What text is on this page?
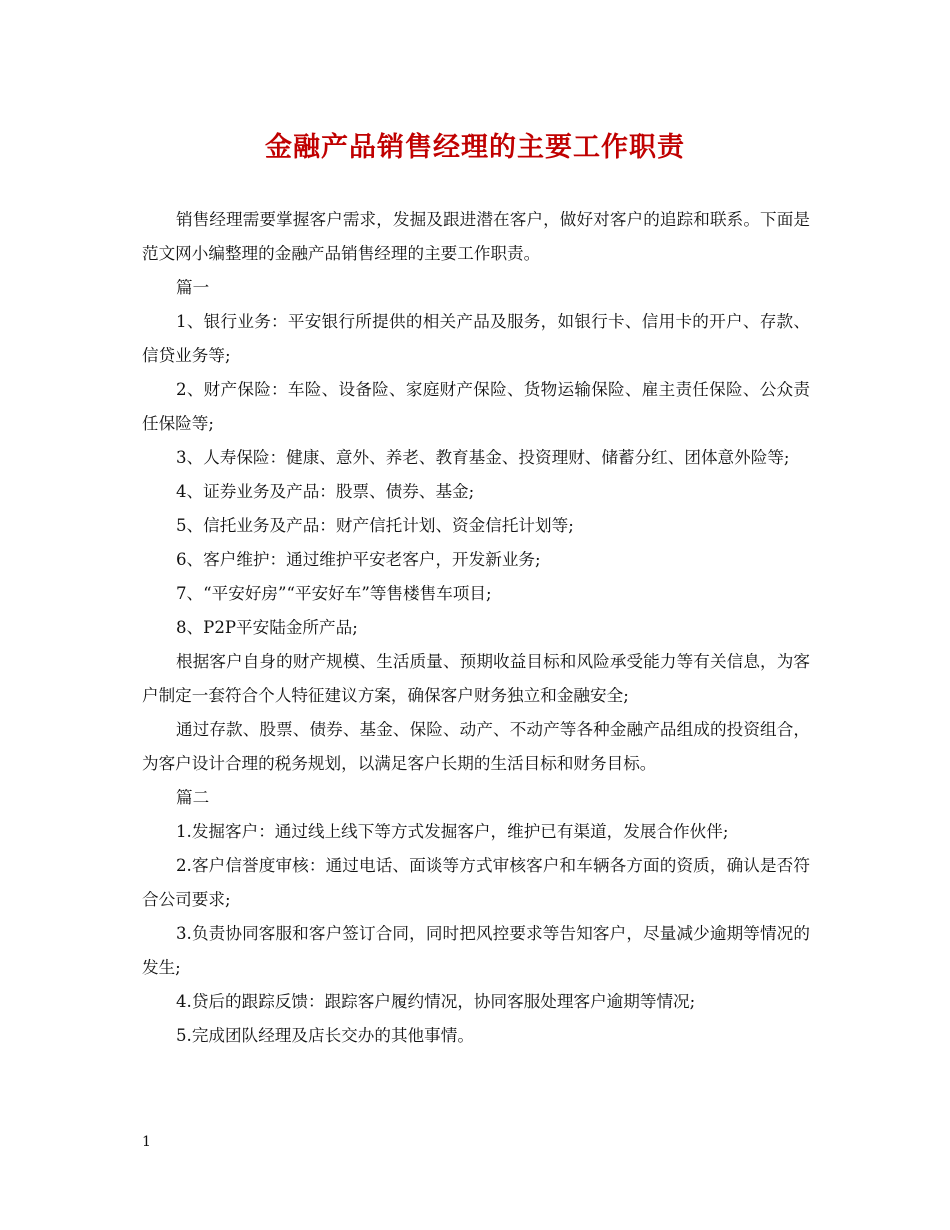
金融产品销售经理的主要工作职责

销售经理需要掌握客户需求，发掘及跟进潜在客户，做好对客户的追踪和联系。下面是范文网小编整理的金融产品销售经理的主要工作职责。

篇一

1、银行业务：平安银行所提供的相关产品及服务，如银行卡、信用卡的开户、存款、信贷业务等;

2、财产保险：车险、设备险、家庭财产保险、货物运输保险、雇主责任保险、公众责任保险等;

3、人寿保险：健康、意外、养老、教育基金、投资理财、储蓄分红、团体意外险等;

4、证券业务及产品：股票、债券、基金;

5、信托业务及产品：财产信托计划、资金信托计划等;

6、客户维护：通过维护平安老客户，开发新业务;

7、“平安好房”“平安好车”等售楼售车项目;

8、P2P平安陆金所产品;

根据客户自身的财产规模、生活质量、预期收益目标和风险承受能力等有关信息，为客户制定一套符合个人特征建议方案，确保客户财务独立和金融安全;

通过存款、股票、债券、基金、保险、动产、不动产等各种金融产品组成的投资组合，为客户设计合理的税务规划，以满足客户长期的生活目标和财务目标。

篇二

1.发掘客户：通过线上线下等方式发掘客户，维护已有渠道，发展合作伙伴;

2.客户信誉度审核：通过电话、面谈等方式审核客户和车辆各方面的资质，确认是否符合公司要求;

3.负责协同客服和客户签订合同，同时把风控要求等告知客户，尽量减少逾期等情况的发生;

4.贷后的跟踪反馈：跟踪客户履约情况，协同客服处理客户逾期等情况;

5.完成团队经理及店长交办的其他事情。

1
